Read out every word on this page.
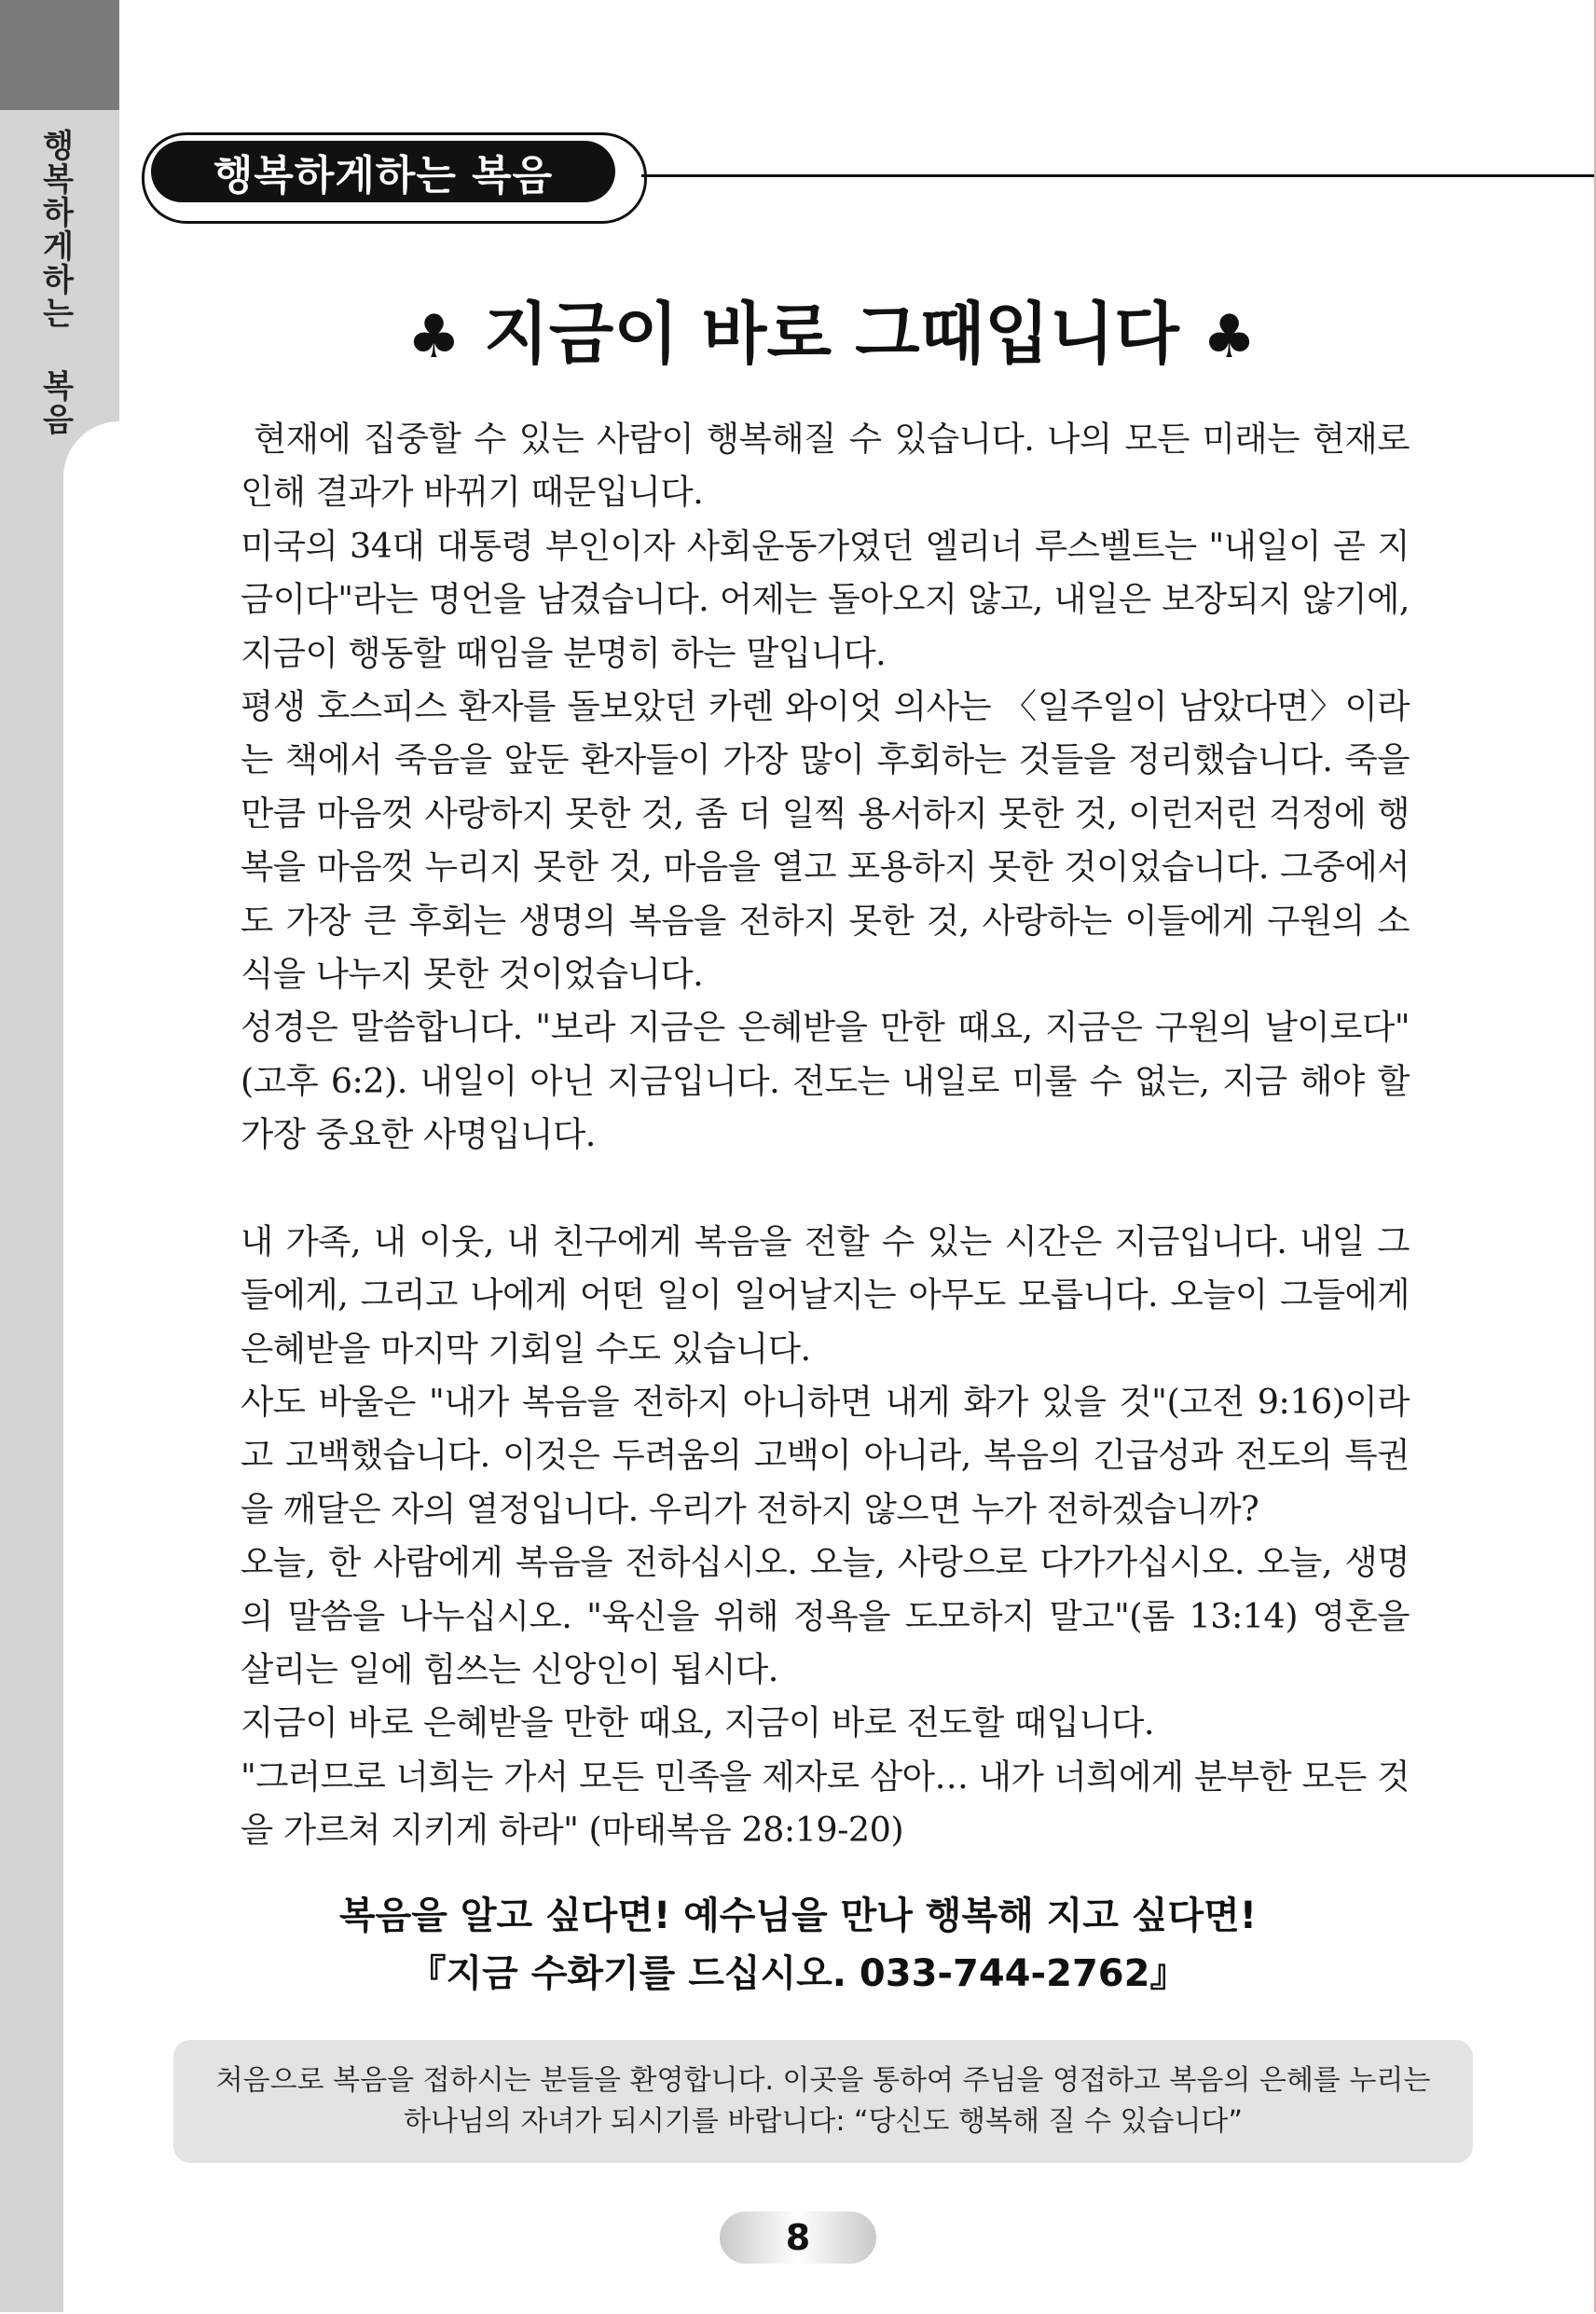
행복하게하는 복음	행복하게하는 복음
♣ 지금이 바로 그때입니다 ♣

현재에 집중할 수 있는 사람이 행복해질 수 있습니다. 나의 모든 미래는 현재로 인해 결과가 바뀌기 때문입니다.

미국의 34대 대통령 부인이자 사회운동가였던 엘리너 루스벨트는 "내일이 곧 지금이다"라는 명언을 남겼습니다. 어제는 돌아오지 않고, 내일은 보장되지 않기에, 지금이 행동할 때임을 분명히 하는 말입니다.

평생 호스피스 환자를 돌보았던 카렌 와이엇 의사는 〈일주일이 남았다면〉이라는 책에서 죽음을 앞둔 환자들이 가장 많이 후회하는 것들을 정리했습니다. 죽을 만큼 마음껏 사랑하지 못한 것, 좀 더 일찍 용서하지 못한 것, 이런저런 걱정에 행복을 마음껏 누리지 못한 것, 마음을 열고 포용하지 못한 것이었습니다. 그중에서도 가장 큰 후회는 생명의 복음을 전하지 못한 것, 사랑하는 이들에게 구원의 소식을 나누지 못한 것이었습니다.

성경은 말씀합니다. "보라 지금은 은혜받을 만한 때요, 지금은 구원의 날이로다" (고후 6:2). 내일이 아닌 지금입니다. 전도는 내일로 미룰 수 없는, 지금 해야 할 가장 중요한 사명입니다.

내 가족, 내 이웃, 내 친구에게 복음을 전할 수 있는 시간은 지금입니다. 내일 그들에게, 그리고 나에게 어떤 일이 일어날지는 아무도 모릅니다. 오늘이 그들에게 은혜받을 마지막 기회일 수도 있습니다.

사도 바울은 "내가 복음을 전하지 아니하면 내게 화가 있을 것"(고전 9:16)이라고 고백했습니다. 이것은 두려움의 고백이 아니라, 복음의 긴급성과 전도의 특권을 깨달은 자의 열정입니다. 우리가 전하지 않으면 누가 전하겠습니까?

오늘, 한 사람에게 복음을 전하십시오. 오늘, 사랑으로 다가가십시오. 오늘, 생명의 말씀을 나누십시오. "육신을 위해 정욕을 도모하지 말고"(롬 13:14) 영혼을 살리는 일에 힘쓰는 신앙인이 됩시다.

지금이 바로 은혜받을 만한 때요, 지금이 바로 전도할 때입니다.

"그러므로 너희는 가서 모든 민족을 제자로 삼아… 내가 너희에게 분부한 모든 것을 가르쳐 지키게 하라" (마태복음 28:19-20)

복음을 알고 싶다면! 예수님을 만나 행복해 지고 싶다면!
『지금 수화기를 드십시오. 033-744-2762』
처음으로 복음을 접하시는 분들을 환영합니다. 이곳을 통하여 주님을 영접하고 복음의 은혜를 누리는
하나님의 자녀가 되시기를 바랍니다: “당신도 행복해 질 수 있습니다”
8
